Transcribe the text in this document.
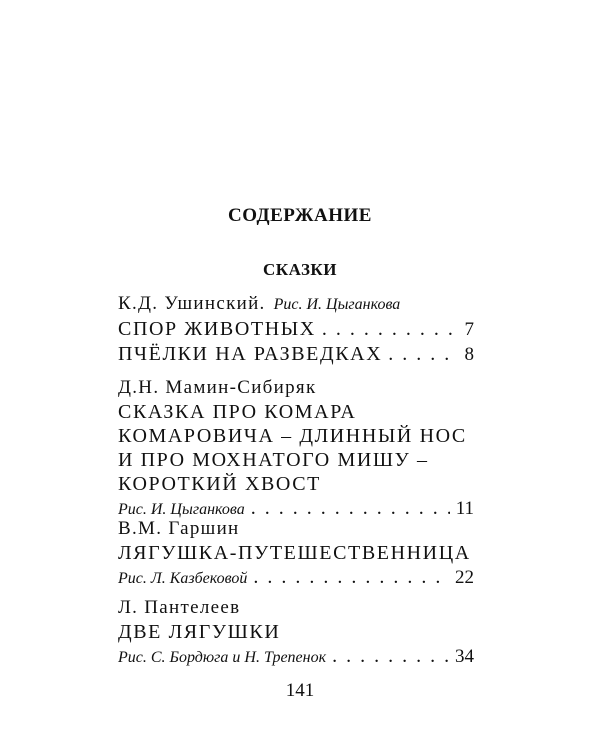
СОДЕРЖАНИЕ
СКАЗКИ
К.Д. Ушинский. Рис. И. Цыганкова
СПОР ЖИВОТНЫХ . . .	7
ПЧЁЛКИ НА РАЗВЕДКАХ . . .	8
Д.Н. Мамин-Сибиряк
СКАЗКА ПРО КОМАРА
КОМАРОВИЧА – ДЛИННЫЙ НОС
И ПРО МОХНАТОГО МИШУ –
КОРОТКИЙ ХВОСТ
Рис. И. Цыганкова . . .	11
В.М. Гаршин
ЛЯГУШКА-ПУТЕШЕСТВЕННИЦА
Рис. Л. Казбековой . . .	22
Л. Пантелеев
ДВЕ ЛЯГУШКИ
Рис. С. Бордюга и Н. Трепенок . . .	34
141
